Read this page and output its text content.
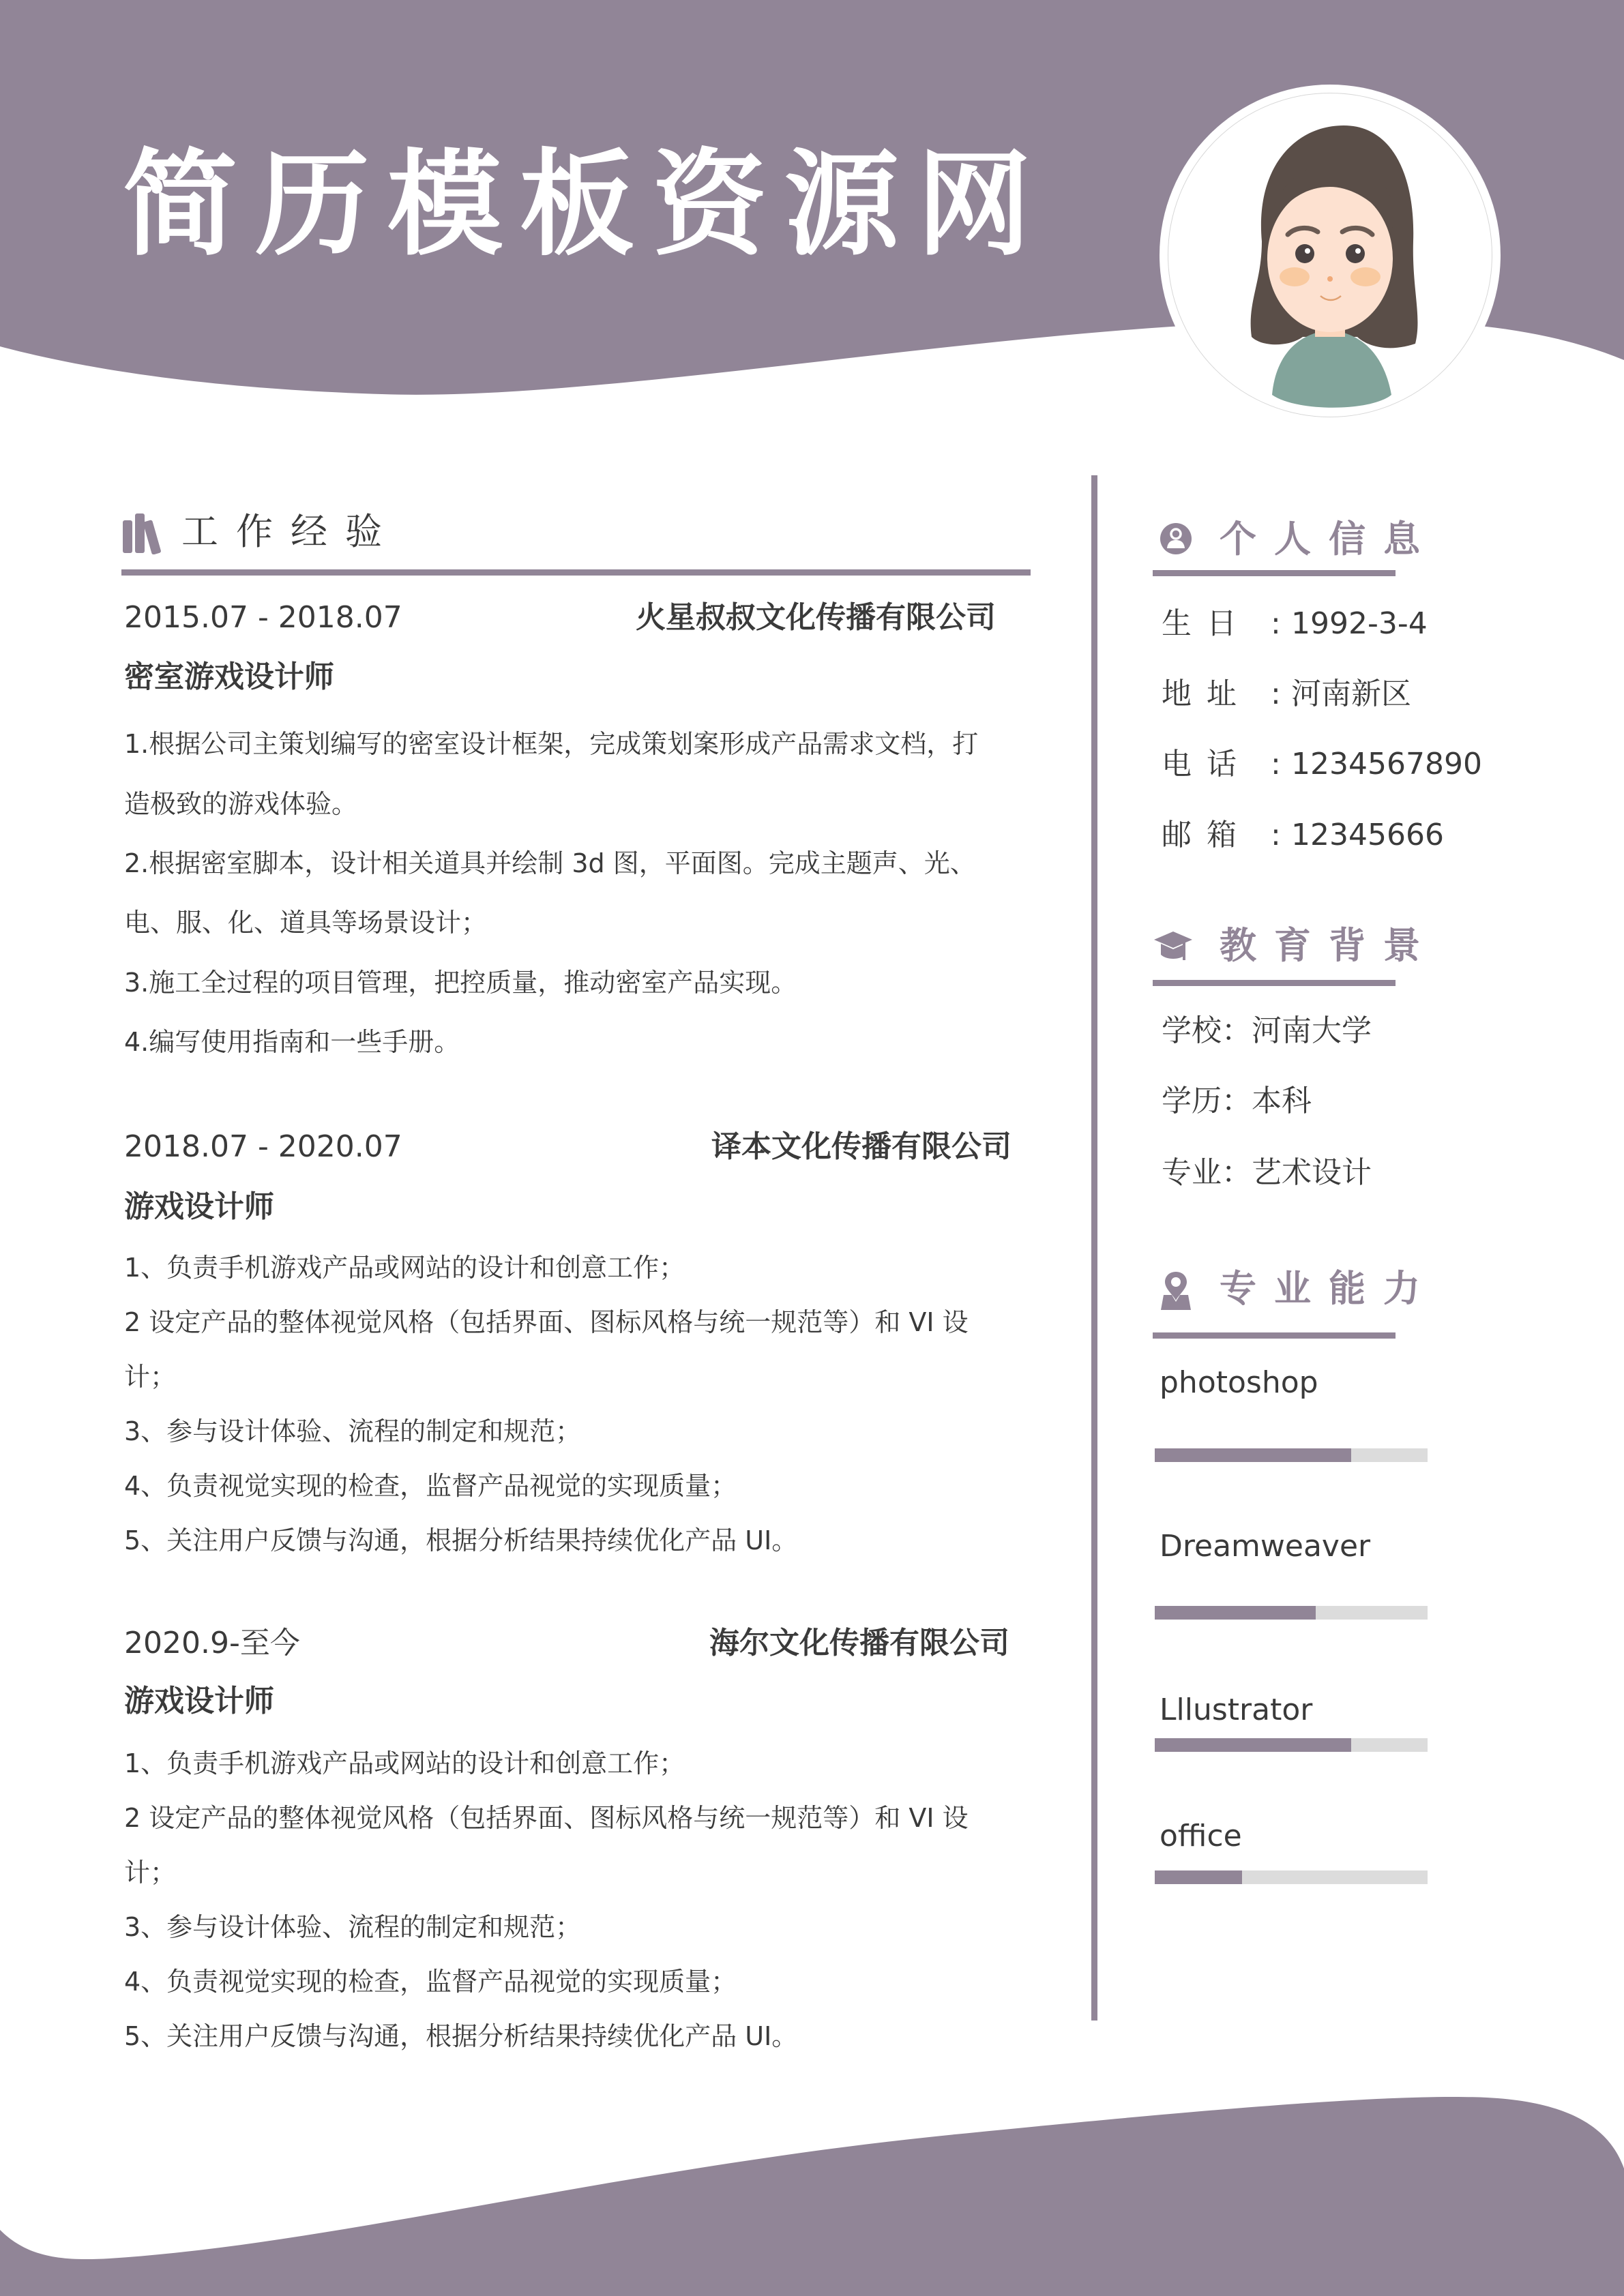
简历模板资源网
工作经验
2015.07 - 2018.07	火星叔叔文化传播有限公司
密室游戏设计师
1.根据公司主策划编写的密室设计框架，完成策划案形成产品需求文档，打
造极致的游戏体验。
2.根据密室脚本，设计相关道具并绘制 3d 图，平面图。完成主题声、光、
电、服、化、道具等场景设计；
3.施工全过程的项目管理，把控质量，推动密室产品实现。
4.编写使用指南和一些手册。
2018.07 - 2020.07	译本文化传播有限公司
游戏设计师
1、负责手机游戏产品或网站的设计和创意工作；
2 设定产品的整体视觉风格（包括界面、图标风格与统一规范等）和 VI 设
计；
3、参与设计体验、流程的制定和规范；
4、负责视觉实现的检查，监督产品视觉的实现质量；
5、关注用户反馈与沟通，根据分析结果持续优化产品 UI。
2020.9-至今	海尔文化传播有限公司
游戏设计师
1、负责手机游戏产品或网站的设计和创意工作；
2 设定产品的整体视觉风格（包括界面、图标风格与统一规范等）和 VI 设
计；
3、参与设计体验、流程的制定和规范；
4、负责视觉实现的检查，监督产品视觉的实现质量；
5、关注用户反馈与沟通，根据分析结果持续优化产品 UI。
个人信息
生日 : 1992-3-4
地址 : 河南新区
电话 : 1234567890
邮箱 : 12345666
教育背景
学校：河南大学
学历：本科
专业：艺术设计
专业能力
photoshop
Dreamweaver
Lllustrator
office
